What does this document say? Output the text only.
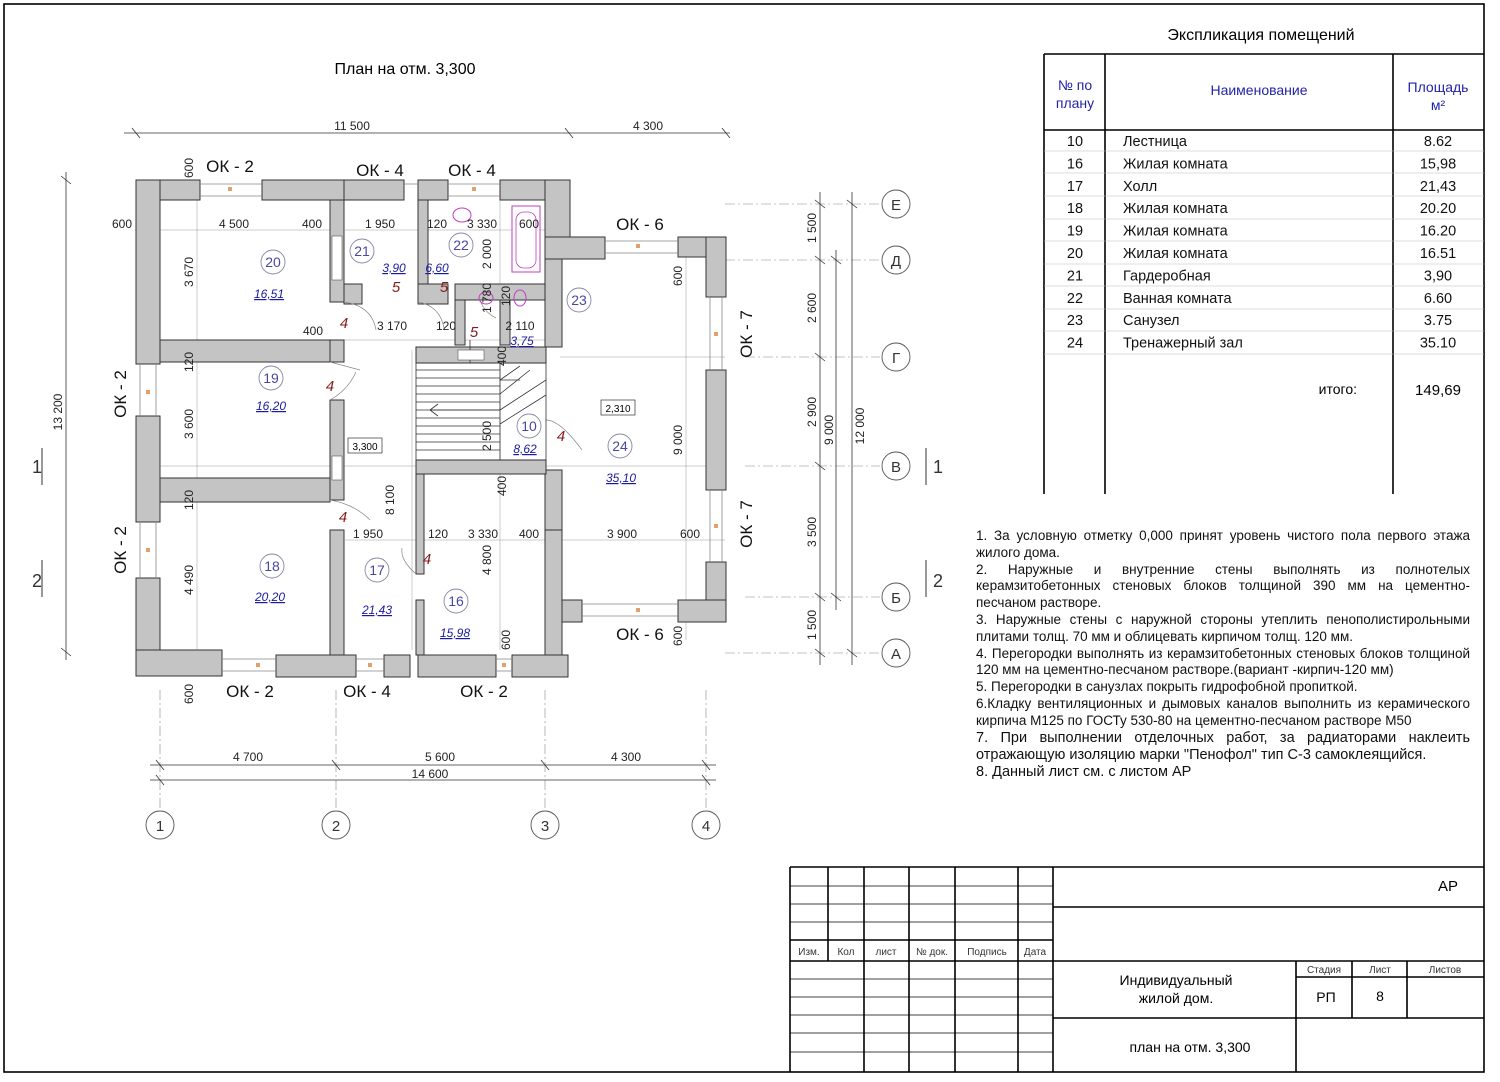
План на отм. 3,300
Е
Д
Г
В
Б
А
1	2	3	4
1	1
2	2
11 500	4 300
4 700	5 600	4 300
14 600
600	4 500	400	1 950	120 3 330 600
400	3 170 120	2 110
1 950	120 3 330 400	3 900	600
13 200
1 500
2 600
2 900
3 500
1 500
9 000 12 000
600
600
3 670
120
3 600
120
4 490
2 000
1 780 120
400
2 500
400
4 800
8 100
9 000
600
600
600
ОК - 2	ОК - 4	ОК - 4
ОК - 6
ОК - 6
ОК - 2	ОК - 4	ОК - 2
ОК - 2
ОК - 2
ОК - 7
ОК - 7
20
21	22
23
19
10
24
18	17
16
16,51
3,90 6,60
3,75
16,20
8,62
35,10
20,20
21,43
15,98
4
5	5
5
4
4
4
4
3,300
2,310
Экспликация помещений
№ по
плану
Наименование	Площадь
м²
10	Лестница	8.62
16	Жилая комната	15,98
17	Холл	21,43
18	Жилая комната	20.20
19	Жилая комната	16.20
20	Жилая комната	16.51
21	Гардеробная	3,90
22	Ванная комната	6.60
23	Санузел	3.75
24	Тренажерный зал	35.10
итого:	149,69
Изм. Кол лист № док. Подпись Дата
Стадия	Лист	Листов
АР
Индивидуальный
жилой дом.
план на отм. 3,300
РП	8

1. За условную отметку 0,000 принят уровень чистого пола первого этажа жилого дома.

2. Наружные и внутренние стены выполнять из полнотелых керамзитобетонных стеновых блоков толщиной 390 мм на цементно-песчаном растворе.

3. Наружные стены с наружной стороны утеплить пенополистирольными плитами толщ. 70 мм и облицевать кирпичом толщ. 120 мм.

4. Перегородки выполнять из керамзитобетонных стеновых блоков толщиной 120 мм на цементно-песчаном растворе.(вариант -кирпич-120 мм)

5. Перегородки в санузлах покрыть гидрофобной пропиткой.

6.Кладку вентиляционных и дымовых каналов выполнить из керамического кирпича М125 по ГОСТу 530-80 на цементно-песчаном растворе М50

7. При выполнении отделочных работ, за радиаторами наклеить отражающую изоляцию марки "Пенофол" тип С-3 самоклеящийся.

8. Данный лист см. с листом АР
